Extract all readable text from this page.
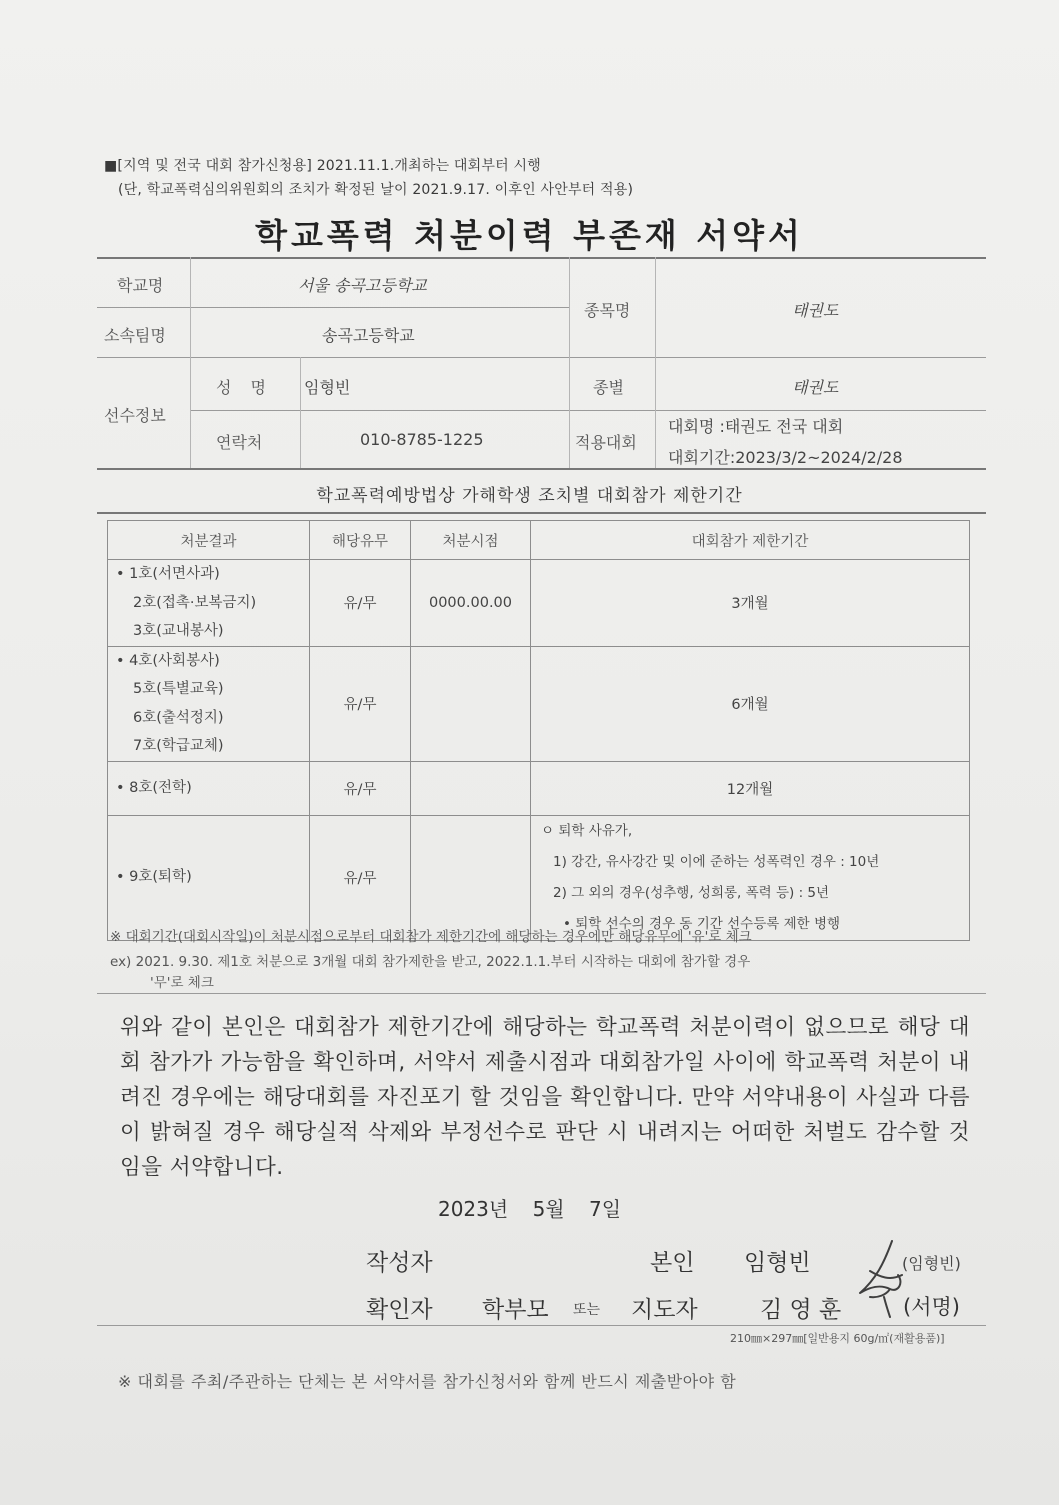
■[지역 및 전국 대회 참가신청용] 2021.11.1.개최하는 대회부터 시행
(단, 학교폭력심의위원회의 조치가 확정된 날이 2021.9.17. 이후인 사안부터 적용)
학교폭력 처분이력 부존재 서약서
학교명	서울 송곡고등학교
소속팀명	송곡고등학교
종목명	태권도
선수정보
성 명 임형빈	종별	태권도
연락처	010-8785-1225	적용대회
대회명 :태권도 전국 대회
대회기간:2023/3/2~2024/2/28
학교폭력예방법상 가해학생 조치별 대회참가 제한기간
처분결과	해당유무	처분시점	대회참가 제한기간

• 1호(서면사과)
2호(접촉·보복금지)
3호(교내봉사)	유/무	0000.00.00	3개월

• 4호(사회봉사)
5호(특별교육)
6호(출석정지)
7호(학급교체)	유/무		6개월

• 8호(전학)	유/무		12개월

• 9호(퇴학)	유/무		ㅇ 퇴학 사유가,
1) 강간, 유사강간 및 이에 준하는 성폭력인 경우 : 10년
2) 그 외의 경우(성추행, 성희롱, 폭력 등) : 5년
• 퇴학 선수의 경우 동 기간 선수등록 제한 병행
※ 대회기간(대회시작일)이 처분시점으로부터 대회참가 제한기간에 해당하는 경우에만 해당유무에 '유'로 체크
ex) 2021. 9.30. 제1호 처분으로 3개월 대회 참가제한을 받고, 2022.1.1.부터 시작하는 대회에 참가할 경우
'무'로 체크
위와 같이 본인은 대회참가 제한기간에 해당하는 학교폭력 처분이력이 없으므로 해당 대회 참가가 가능함을 확인하며, 서약서 제출시점과 대회참가일 사이에 학교폭력 처분이 내려진 경우에는 해당대회를 자진포기 할 것임을 확인합니다. 만약 서약내용이 사실과 다름이 밝혀질 경우 해당실적 삭제와 부정선수로 판단 시 내려지는 어떠한 처벌도 감수할 것임을 서약합니다.
2023년 5월 7일
작성자	본인 임형빈	(임형빈)
확인자 학부모 또는 지도자	김 영 훈	(서명)
210㎜×297㎜[일반용지 60g/㎡(재활용품)]
※ 대회를 주최/주관하는 단체는 본 서약서를 참가신청서와 함께 반드시 제출받아야 함
